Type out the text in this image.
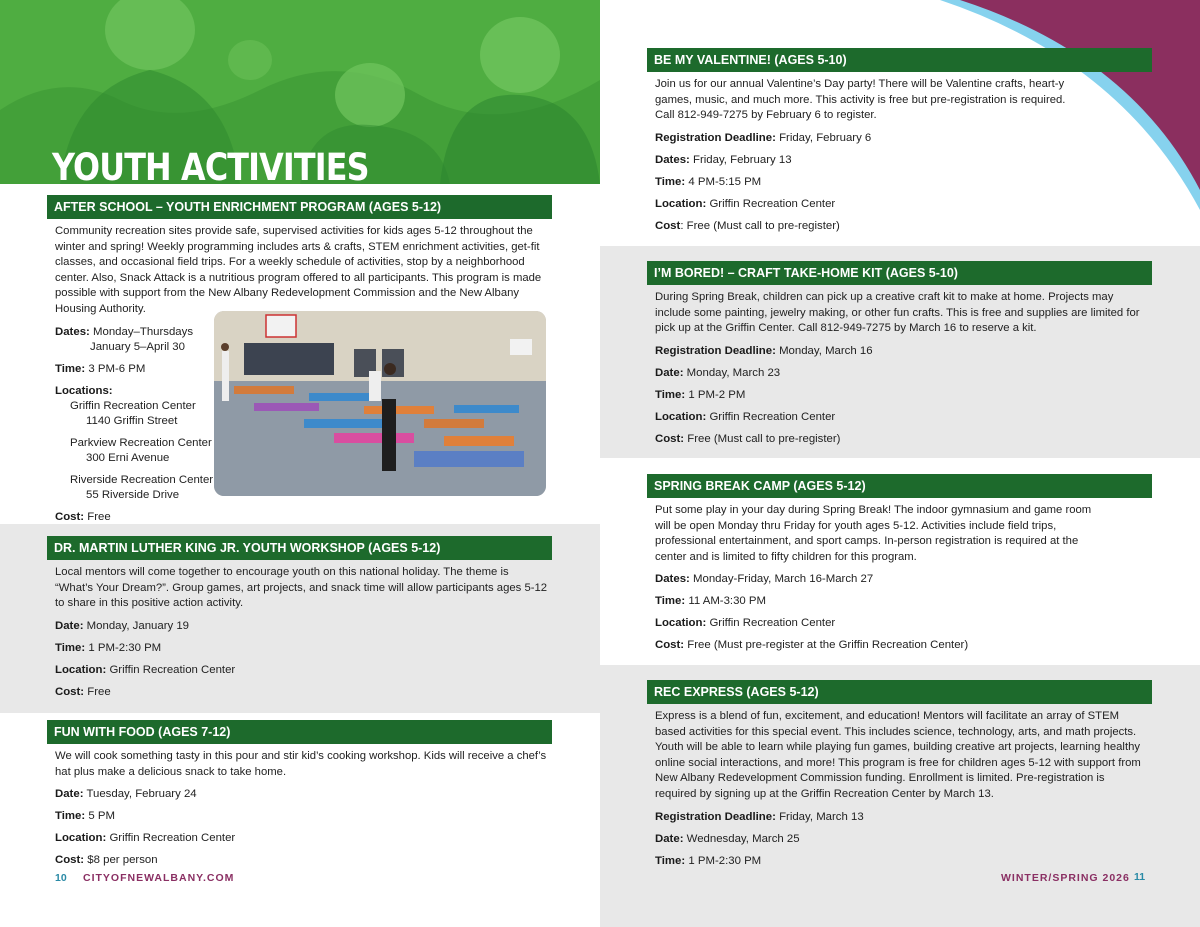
YOUTH ACTIVITIES
AFTER SCHOOL – YOUTH ENRICHMENT PROGRAM (AGES 5-12)

Community recreation sites provide safe, supervised activities for kids ages 5-12 throughout the winter and spring! Weekly programming includes arts & crafts, STEM enrichment activities, get-fit classes, and occasional field trips. For a weekly schedule of activities, stop by a neighborhood center. Also, Snack Attack is a nutritious program offered to all participants. This program is made possible with support from the New Albany Redevelopment Commission and the New Albany Housing Authority.

Dates: Monday–Thursdays
January 5–April 30
Time: 3 PM-6 PM
Locations:
Griffin Recreation Center
1140 Griffin Street
Parkview Recreation Center
300 Erni Avenue
Riverside Recreation Center
55 Riverside Drive
Cost: Free
DR. MARTIN LUTHER KING JR. YOUTH WORKSHOP (AGES 5-12)

Local mentors will come together to encourage youth on this national holiday. The theme is “What’s Your Dream?”. Group games, art projects, and snack time will allow participants ages 5-12 to share in this positive action activity.

Date: Monday, January 19
Time: 1 PM-2:30 PM
Location: Griffin Recreation Center
Cost: Free
FUN WITH FOOD (AGES 7-12)

We will cook something tasty in this pour and stir kid’s cooking workshop. Kids will receive a chef’s hat plus make a delicious snack to take home.

Date: Tuesday, February 24
Time: 5 PM
Location: Griffin Recreation Center
Cost: $8 per person
10 CITYOFNEWALBANY.COM
BE MY VALENTINE! (AGES 5-10)

Join us for our annual Valentine’s Day party! There will be Valentine crafts, heart-y games, music, and much more. This activity is free but pre-registration is required. Call 812-949-7275 by February 6 to register.

Registration Deadline: Friday, February 6
Dates: Friday, February 13
Time: 4 PM-5:15 PM
Location: Griffin Recreation Center
Cost: Free (Must call to pre-register)
I’M BORED! – CRAFT TAKE-HOME KIT (AGES 5-10)

During Spring Break, children can pick up a creative craft kit to make at home. Projects may include some painting, jewelry making, or other fun crafts. This is free and supplies are limited for pick up at the Griffin Center. Call 812-949-7275 by March 16 to reserve a kit.

Registration Deadline: Monday, March 16
Date: Monday, March 23
Time: 1 PM-2 PM
Location: Griffin Recreation Center
Cost: Free (Must call to pre-register)
SPRING BREAK CAMP (AGES 5-12)

Put some play in your day during Spring Break! The indoor gymnasium and game room will be open Monday thru Friday for youth ages 5-12. Activities include field trips, professional entertainment, and sport camps. In-person registration is required at the center and is limited to fifty children for this program.

Dates: Monday-Friday, March 16-March 27
Time: 11 AM-3:30 PM
Location: Griffin Recreation Center
Cost: Free (Must pre-register at the Griffin Recreation Center)
REC EXPRESS (AGES 5-12)

Express is a blend of fun, excitement, and education! Mentors will facilitate an array of STEM based activities for this special event. This includes science, technology, arts, and math projects. Youth will be able to learn while playing fun games, building creative art projects, learning healthy online social interactions, and more! This program is free for children ages 5-12 with support from New Albany Redevelopment Commission funding. Enrollment is limited. Pre-registration is required by signing up at the Griffin Recreation Center by March 13.

Registration Deadline: Friday, March 13
Date: Wednesday, March 25
Time: 1 PM-2:30 PM
WINTER/SPRING 2026 11
